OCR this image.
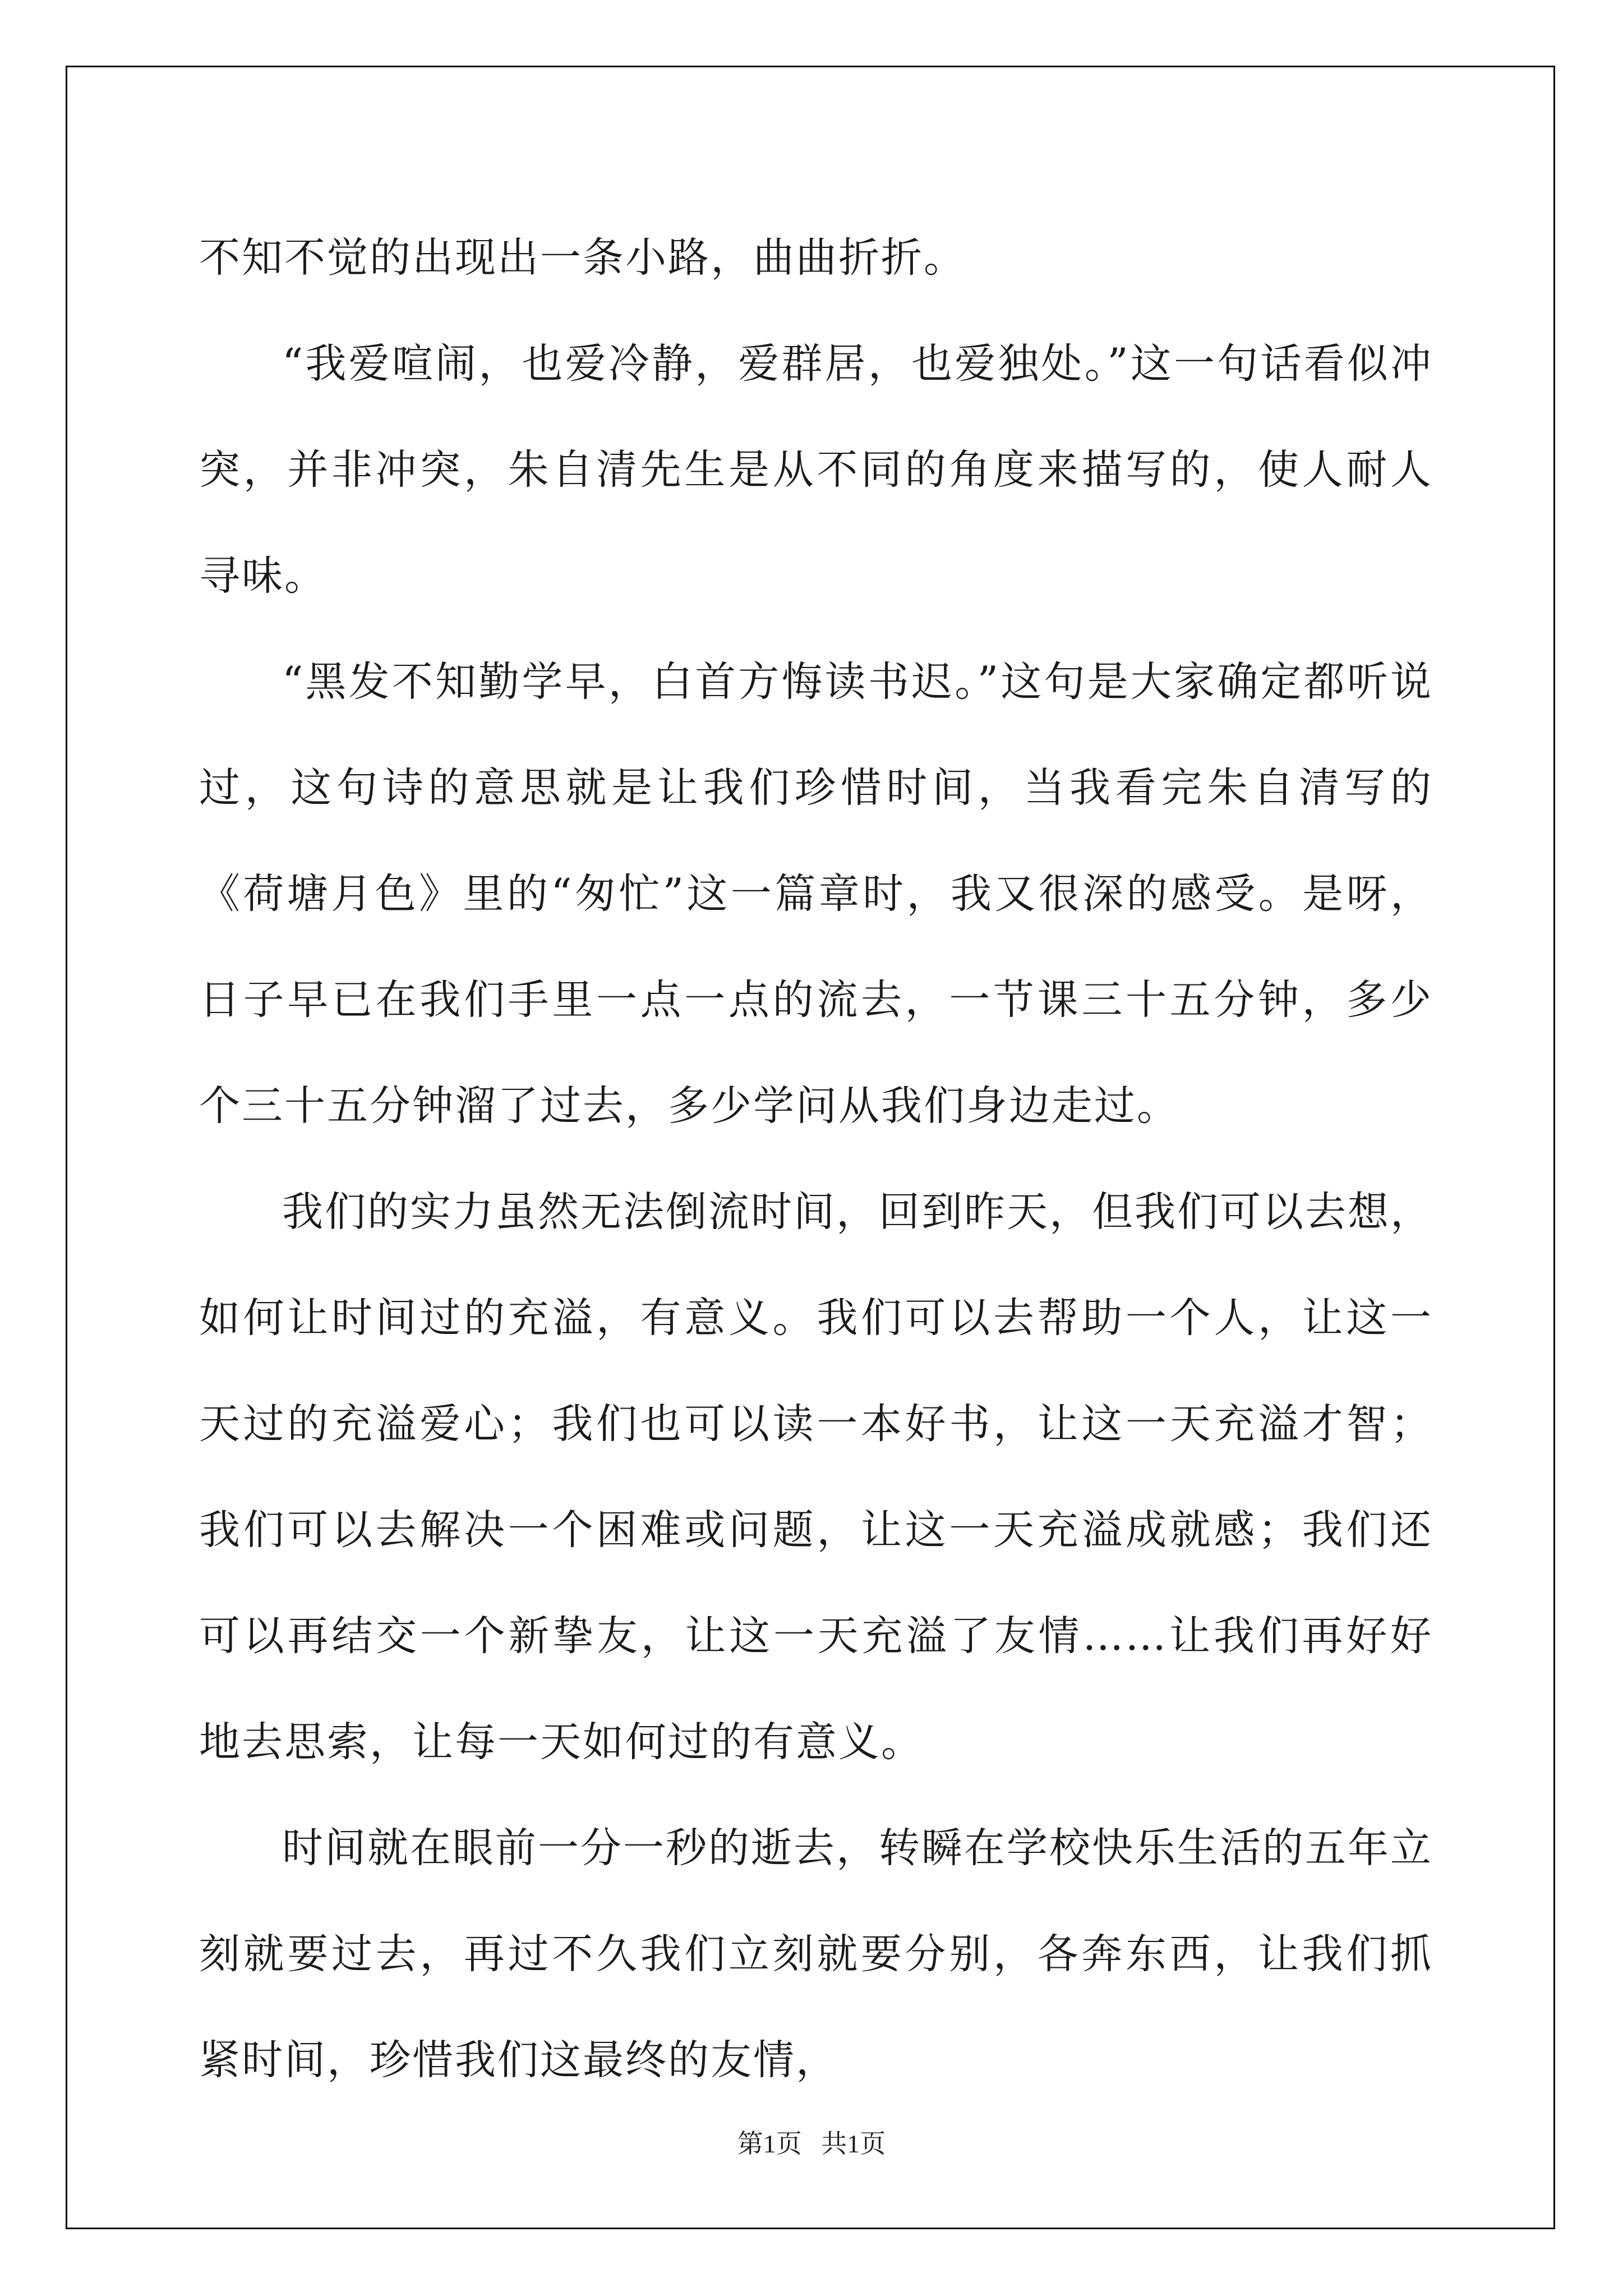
不知不觉的出现出一条小路，曲曲折折。

“我爱喧闹，也爱冷静，爱群居，也爱独处。”这一句话看似冲突，并非冲突，朱自清先生是从不同的角度来描写的，使人耐人寻味。

“黑发不知勤学早，白首方悔读书迟。”这句是大家确定都听说过，这句诗的意思就是让我们珍惜时间，当我看完朱自清写的《荷塘月色》里的“匆忙”这一篇章时，我又很深的感受。是呀，日子早已在我们手里一点一点的流去，一节课三十五分钟，多少个三十五分钟溜了过去，多少学问从我们身边走过。

我们的实力虽然无法倒流时间，回到昨天，但我们可以去想，如何让时间过的充溢，有意义。我们可以去帮助一个人，让这一天过的充溢爱心；我们也可以读一本好书，让这一天充溢才智；我们可以去解决一个困难或问题，让这一天充溢成就感；我们还可以再结交一个新挚友，让这一天充溢了友情……让我们再好好地去思索，让每一天如何过的有意义。

时间就在眼前一分一秒的逝去，转瞬在学校快乐生活的五年立刻就要过去，再过不久我们立刻就要分别，各奔东西，让我们抓紧时间，珍惜我们这最终的友情，

第1页   共1页
